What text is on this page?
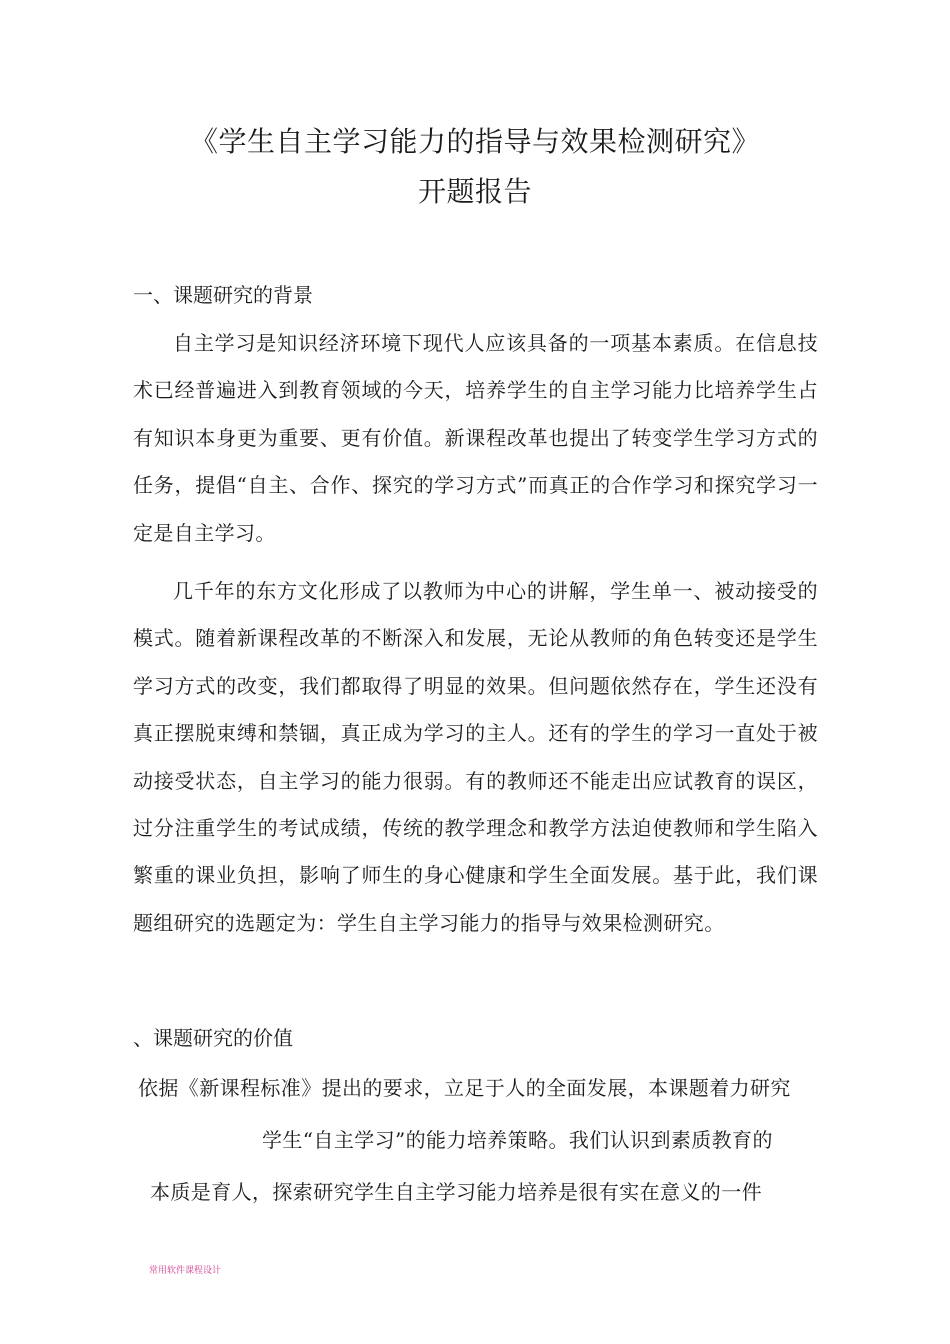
《学生自主学习能力的指导与效果检测研究》
开题报告
一、课题研究的背景

自主学习是知识经济环境下现代人应该具备的一项基本素质。在信息技术已经普遍进入到教育领域的今天，培养学生的自主学习能力比培养学生占有知识本身更为重要、更有价值。新课程改革也提出了转变学生学习方式的任务，提倡“自主、合作、探究的学习方式”而真正的合作学习和探究学习一定是自主学习。

几千年的东方文化形成了以教师为中心的讲解，学生单一、被动接受的模式。随着新课程改革的不断深入和发展，无论从教师的角色转变还是学生学习方式的改变，我们都取得了明显的效果。但问题依然存在，学生还没有真正摆脱束缚和禁锢，真正成为学习的主人。还有的学生的学习一直处于被动接受状态，自主学习的能力很弱。有的教师还不能走出应试教育的误区，过分注重学生的考试成绩，传统的教学理念和教学方法迫使教师和学生陷入繁重的课业负担，影响了师生的身心健康和学生全面发展。基于此，我们课题组研究的选题定为：学生自主学习能力的指导与效果检测研究。

、课题研究的价值
依据《新课程标准》提出的要求，立足于人的全面发展，本课题着力研究
学生“自主学习”的能力培养策略。我们认识到素质教育的
本质是育人，探索研究学生自主学习能力培养是很有实在意义的一件
常用软件课程设计
